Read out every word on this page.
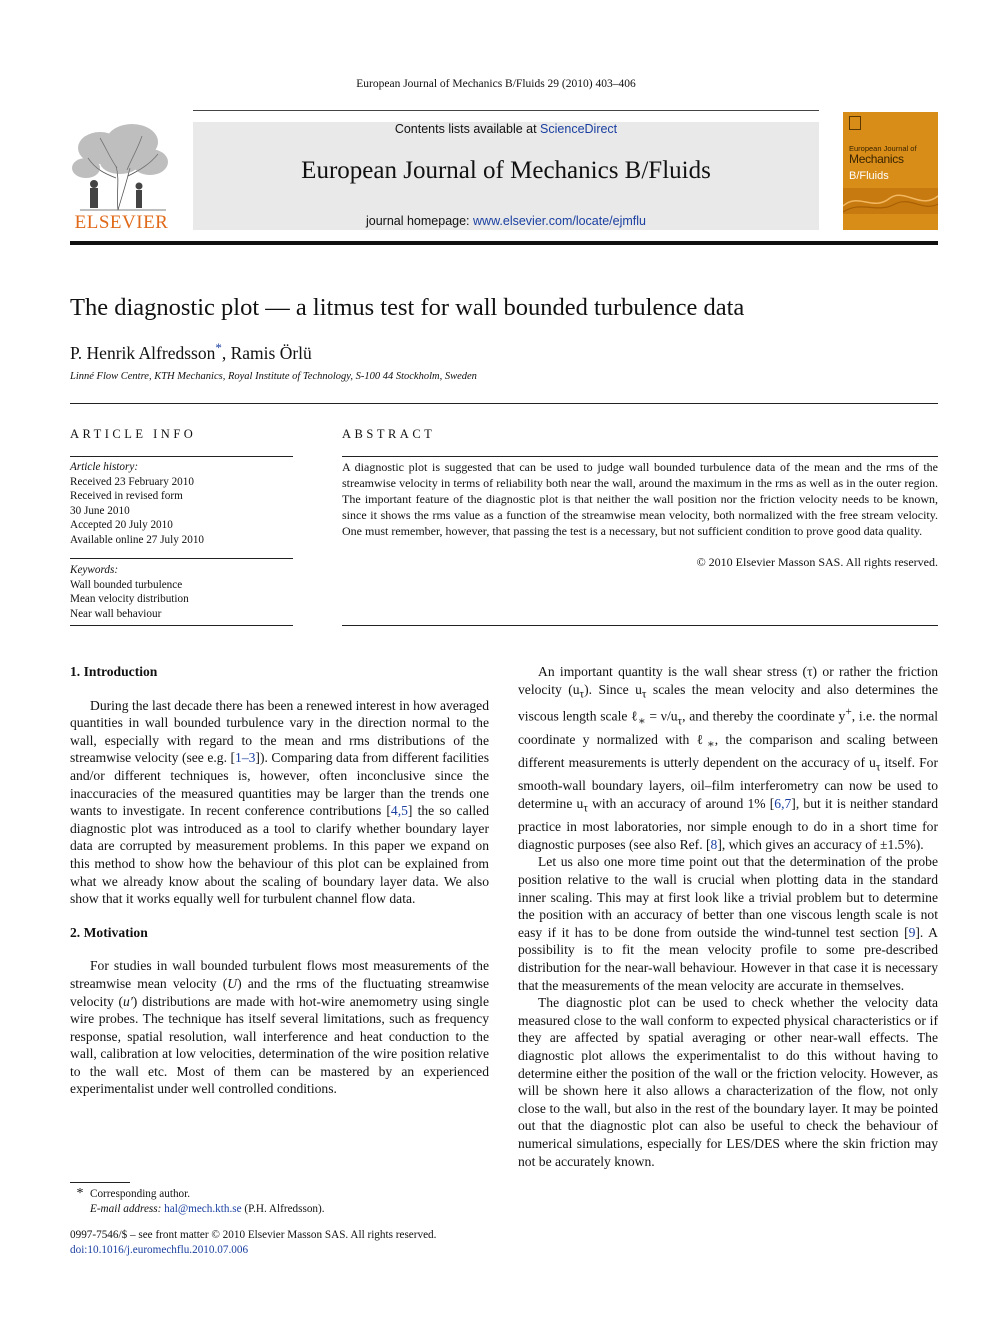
European Journal of Mechanics B/Fluids 29 (2010) 403–406
ELSEVIER
Contents lists available at ScienceDirect
European Journal of Mechanics B/Fluids
journal homepage: www.elsevier.com/locate/ejmflu
European Journal of
Mechanics
B/Fluids
The diagnostic plot — a litmus test for wall bounded turbulence data
P. Henrik Alfredsson*, Ramis Örlü
Linné Flow Centre, KTH Mechanics, Royal Institute of Technology, S-100 44 Stockholm, Sweden
ARTICLE INFO
Article history:
Received 23 February 2010
Received in revised form
30 June 2010
Accepted 20 July 2010
Available online 27 July 2010
Keywords:
Wall bounded turbulence
Mean velocity distribution
Near wall behaviour
ABSTRACT
A diagnostic plot is suggested that can be used to judge wall bounded turbulence data of the mean and the rms of the streamwise velocity in terms of reliability both near the wall, around the maximum in the rms as well as in the outer region. The important feature of the diagnostic plot is that neither the wall position nor the friction velocity needs to be known, since it shows the rms value as a function of the streamwise mean velocity, both normalized with the free stream velocity. One must remember, however, that passing the test is a necessary, but not sufficient condition to prove good data quality.
© 2010 Elsevier Masson SAS. All rights reserved.
1. Introduction

During the last decade there has been a renewed interest in how averaged quantities in wall bounded turbulence vary in the direction normal to the wall, especially with regard to the mean and rms distributions of the streamwise velocity (see e.g. [1–3]). Comparing data from different facilities and/or different techniques is, however, often inconclusive since the inaccuracies of the measured quantities may be larger than the trends one wants to investigate. In recent conference contributions [4,5] the so called diagnostic plot was introduced as a tool to clarify whether boundary layer data are corrupted by measurement problems. In this paper we expand on this method to show how the behaviour of this plot can be explained from what we already know about the scaling of boundary layer data. We also show that it works equally well for turbulent channel flow data.

2. Motivation

For studies in wall bounded turbulent flows most measurements of the streamwise mean velocity (U) and the rms of the fluctuating streamwise velocity (u′) distributions are made with hot-wire anemometry using single wire probes. The technique has itself several limitations, such as frequency response, spatial resolution, wall interference and heat conduction to the wall, calibration at low velocities, determination of the wire position relative to the wall etc. Most of them can be mastered by an experienced experimentalist under well controlled conditions.

An important quantity is the wall shear stress (τ) or rather the friction velocity $(u_\tau)$. Since $u_\tau$ scales the mean velocity and also determines the viscous length scale ℓ$_∗$ = $\nu/u_\tau$, and thereby the coordinate y+, i.e. the normal coordinate y normalized with ℓ$_∗$, the comparison and scaling between different measurements is utterly dependent on the accuracy of $u_\tau$ itself. For smooth-wall boundary layers, oil–film interferometry can now be used to determine $u_\tau$ with an accuracy of around 1% [6,7], but it is neither standard practice in most laboratories, nor simple enough to do in a short time for diagnostic purposes (see also Ref. [8], which gives an accuracy of ±1.5%).

Let us also one more time point out that the determination of the probe position relative to the wall is crucial when plotting data in the standard inner scaling. This may at first look like a trivial problem but to determine the position with an accuracy of better than one viscous length scale is not easy if it has to be done from outside the wind-tunnel test section [9]. A possibility is to fit the mean velocity profile to some pre-described distribution for the near-wall behaviour. However in that case it is necessary that the measurements of the mean velocity are accurate in themselves.

The diagnostic plot can be used to check whether the velocity data measured close to the wall conform to expected physical characteristics or if they are affected by spatial averaging or other near-wall effects. The diagnostic plot allows the experimentalist to do this without having to determine either the position of the wall or the friction velocity. However, as will be shown here it also allows a characterization of the flow, not only close to the wall, but also in the rest of the boundary layer. It may be pointed out that the diagnostic plot can also be useful to check the behaviour of numerical simulations, especially for LES/DES where the skin friction may not be accurately known.

* Corresponding author.
E-mail address: hal@mech.kth.se (P.H. Alfredsson).
0997-7546/$ – see front matter © 2010 Elsevier Masson SAS. All rights reserved.
doi:10.1016/j.euromechflu.2010.07.006
